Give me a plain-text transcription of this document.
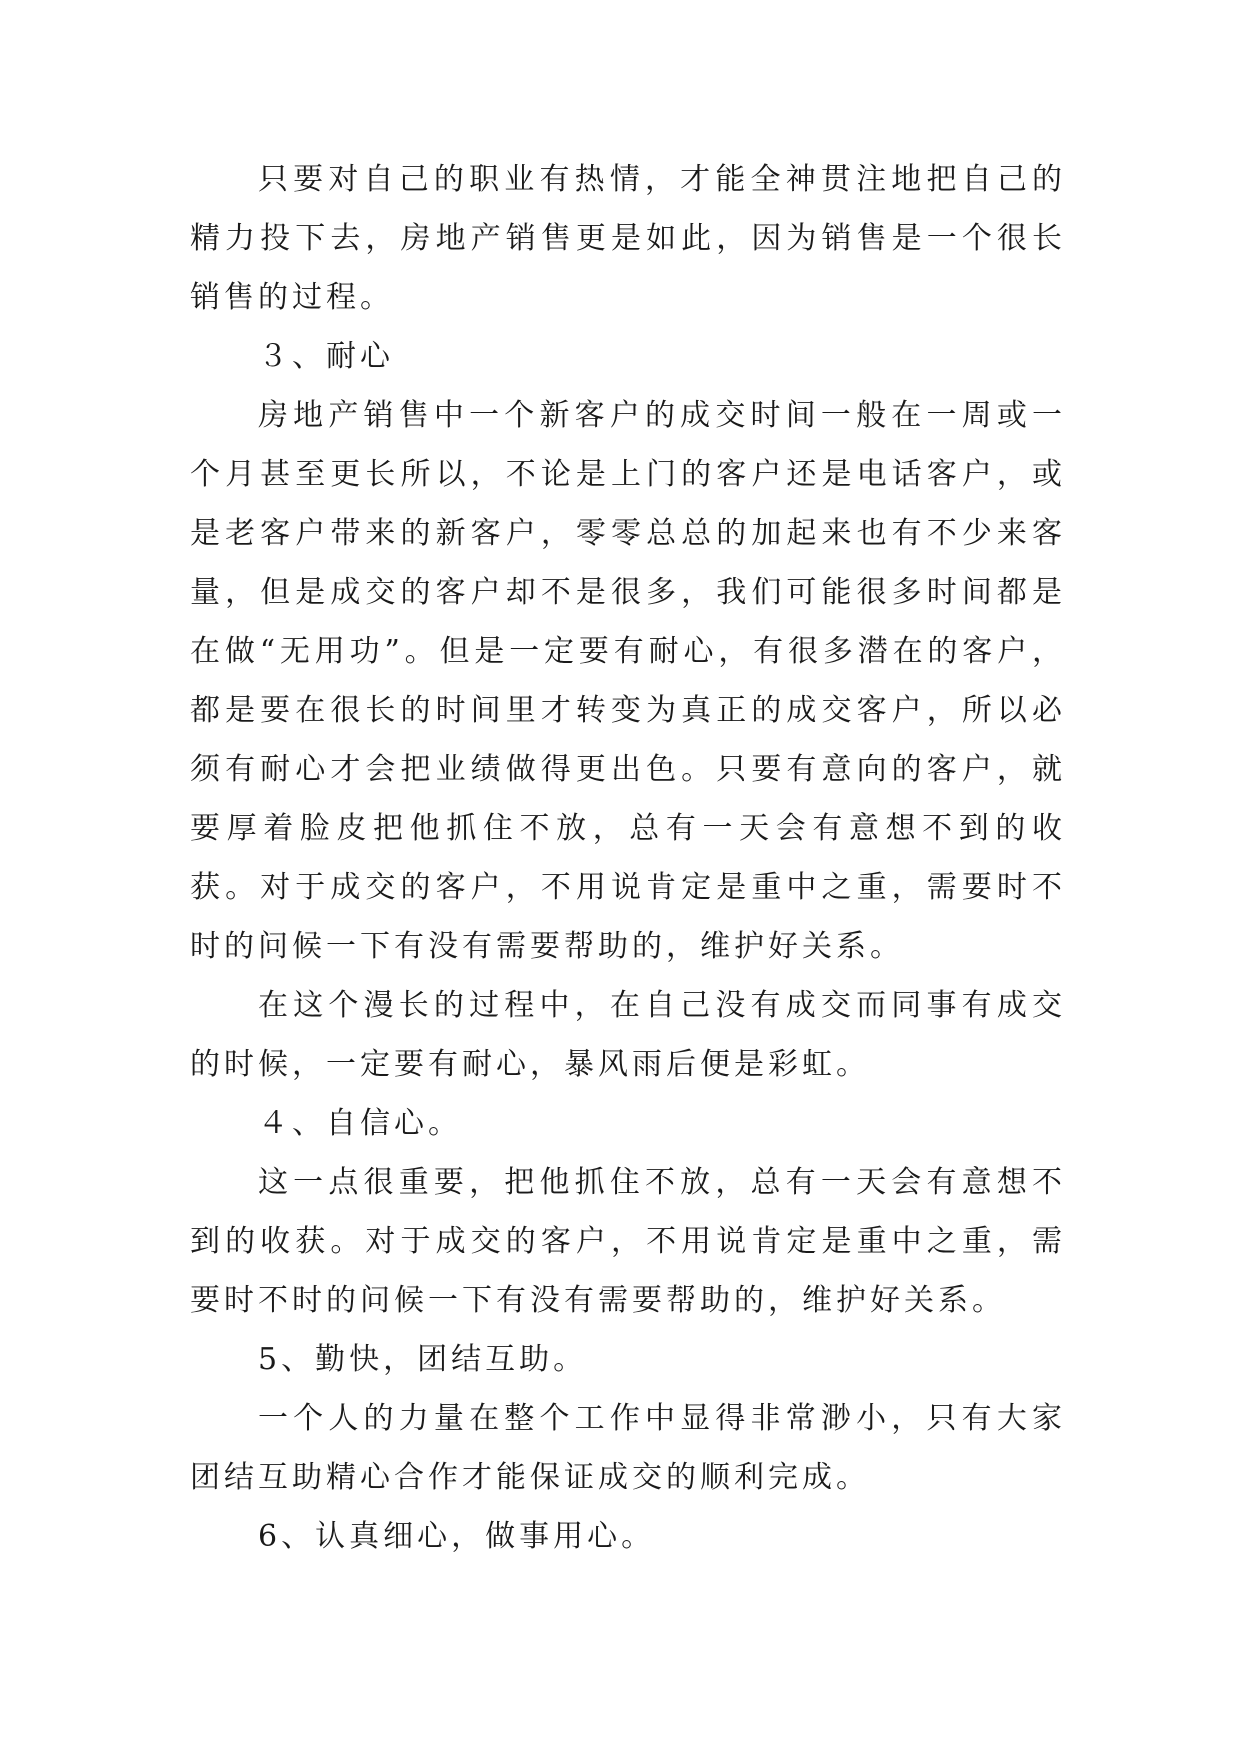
只要对自己的职业有热情，才能全神贯注地把自己的精力投下去，房地产销售更是如此，因为销售是一个很长销售的过程。

３、耐心

房地产销售中一个新客户的成交时间一般在一周或一个月甚至更长所以，不论是上门的客户还是电话客户，或是老客户带来的新客户，零零总总的加起来也有不少来客量，但是成交的客户却不是很多，我们可能很多时间都是在做“无用功”。但是一定要有耐心，有很多潜在的客户，都是要在很长的时间里才转变为真正的成交客户，所以必须有耐心才会把业绩做得更出色。只要有意向的客户，就要厚着脸皮把他抓住不放，总有一天会有意想不到的收获。对于成交的客户，不用说肯定是重中之重，需要时不时的问候一下有没有需要帮助的，维护好关系。

在这个漫长的过程中，在自己没有成交而同事有成交的时候，一定要有耐心，暴风雨后便是彩虹。

４、自信心。

这一点很重要，把他抓住不放，总有一天会有意想不到的收获。对于成交的客户，不用说肯定是重中之重，需要时不时的问候一下有没有需要帮助的，维护好关系。

5、勤快，团结互助。

一个人的力量在整个工作中显得非常渺小，只有大家团结互助精心合作才能保证成交的顺利完成。

6、认真细心，做事用心。
